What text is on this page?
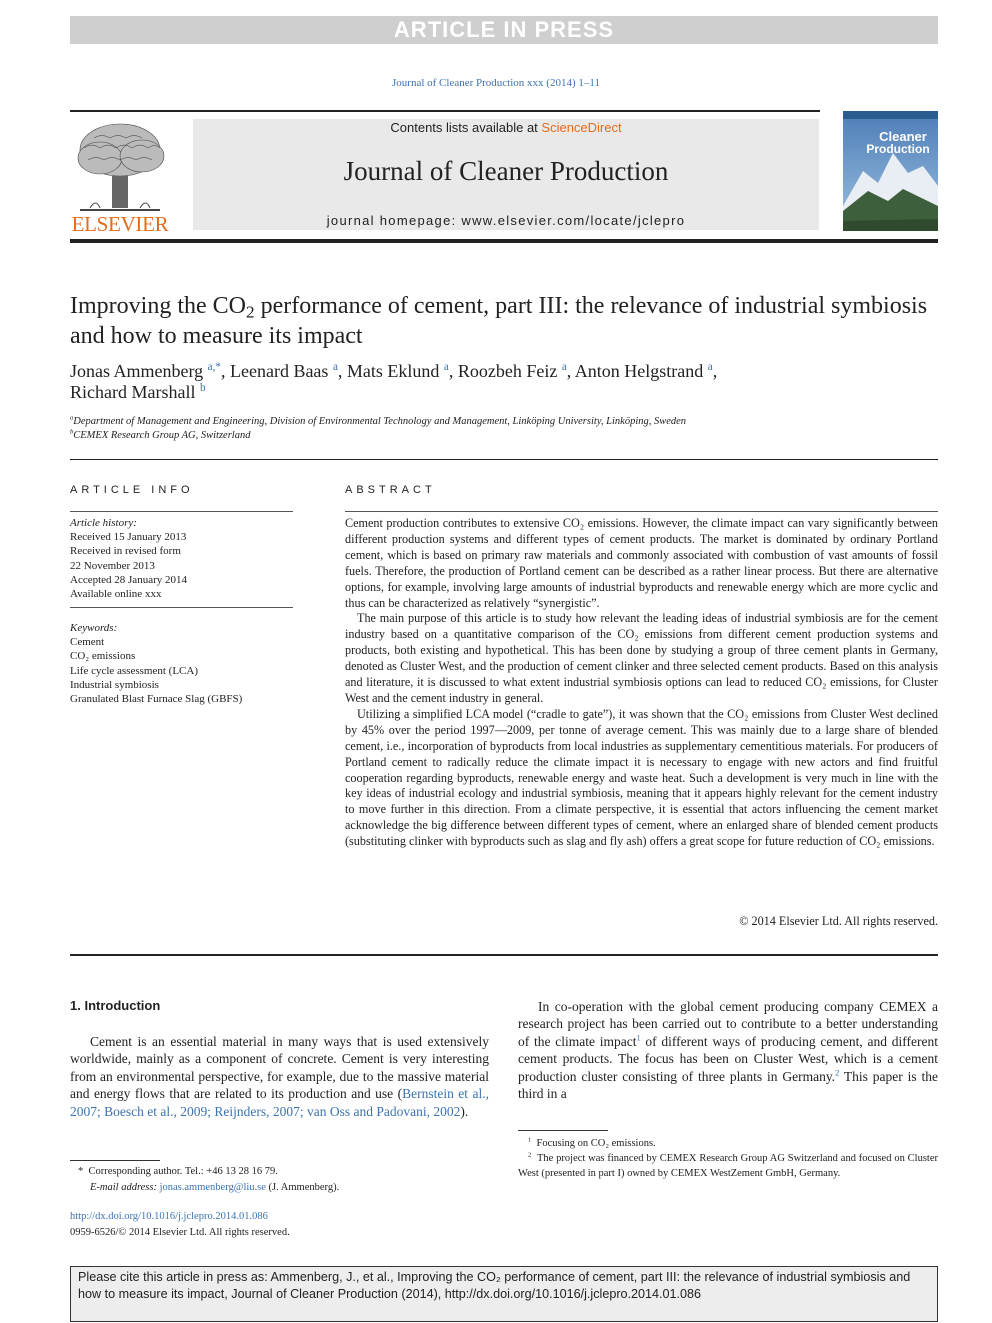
ARTICLE IN PRESS
Journal of Cleaner Production xxx (2014) 1–11
ELSEVIER
Contents lists available at ScienceDirect
Journal of Cleaner Production
journal homepage: www.elsevier.com/locate/jclepro
Cleaner
Production
Improving the $CO_2$ performance of cement, part III: the relevance of industrial symbiosis and how to measure its impact
Jonas Ammenberg $^{a,*}$, Leenard Baas $^a$, Mats Eklund $^a$, Roozbeh Feiz $^a$, Anton Helgstrand $^a$,
Richard Marshall $^b$
$^a$Department of Management and Engineering, Division of Environmental Technology and Management, Linköping University, Linköping, Sweden
$^b$CEMEX Research Group AG, Switzerland
ARTICLE INFO
Article history:
Received 15 January 2013
Received in revised form
22 November 2013
Accepted 28 January 2014
Available online xxx
Keywords:
Cement
CO₂ emissions
Life cycle assessment (LCA)
Industrial symbiosis
Granulated Blast Furnace Slag (GBFS)
ABSTRACT

Cement production contributes to extensive CO₂ emissions. However, the climate impact can vary significantly between different production systems and different types of cement products. The market is dominated by ordinary Portland cement, which is based on primary raw materials and commonly associated with combustion of vast amounts of fossil fuels. Therefore, the production of Portland cement can be described as a rather linear process. But there are alternative options, for example, involving large amounts of industrial byproducts and renewable energy which are more cyclic and thus can be characterized as relatively “synergistic”.

The main purpose of this article is to study how relevant the leading ideas of industrial symbiosis are for the cement industry based on a quantitative comparison of the CO₂ emissions from different cement production systems and products, both existing and hypothetical. This has been done by studying a group of three cement plants in Germany, denoted as Cluster West, and the production of cement clinker and three selected cement products. Based on this analysis and literature, it is discussed to what extent industrial symbiosis options can lead to reduced CO₂ emissions, for Cluster West and the cement industry in general.

Utilizing a simplified LCA model (“cradle to gate”), it was shown that the CO₂ emissions from Cluster West declined by 45% over the period 1997—2009, per tonne of average cement. This was mainly due to a large share of blended cement, i.e., incorporation of byproducts from local industries as supplementary cementitious materials. For producers of Portland cement to radically reduce the climate impact it is necessary to engage with new actors and find fruitful cooperation regarding byproducts, renewable energy and waste heat. Such a development is very much in line with the key ideas of industrial ecology and industrial symbiosis, meaning that it appears highly relevant for the cement industry to move further in this direction. From a climate perspective, it is essential that actors influencing the cement market acknowledge the big difference between different types of cement, where an enlarged share of blended cement products (substituting clinker with byproducts such as slag and fly ash) offers a great scope for future reduction of CO₂ emissions.

© 2014 Elsevier Ltd. All rights reserved.
1. Introduction
Cement is an essential material in many ways that is used extensively worldwide, mainly as a component of concrete. Cement is very interesting from an environmental perspective, for example, due to the massive material and energy flows that are related to its production and use (Bernstein et al., 2007; Boesch et al., 2009; Reijnders, 2007; van Oss and Padovani, 2002).
In co-operation with the global cement producing company CEMEX a research project has been carried out to contribute to a better understanding of the climate impact$^1$ of different ways of producing cement, and different cement products. The focus has been on Cluster West, which is a cement production cluster consisting of three plants in Germany.$^2$ This paper is the third in a
* Corresponding author. Tel.: +46 13 28 16 79.
E-mail address: jonas.ammenberg@liu.se (J. Ammenberg).
http://dx.doi.org/10.1016/j.jclepro.2014.01.086
0959-6526/© 2014 Elsevier Ltd. All rights reserved.
$^1$ Focusing on CO₂ emissions.
$^2$ The project was financed by CEMEX Research Group AG Switzerland and focused on Cluster West (presented in part I) owned by CEMEX WestZement GmbH, Germany.
Please cite this article in press as: Ammenberg, J., et al., Improving the CO₂ performance of cement, part III: the relevance of industrial symbiosis and how to measure its impact, Journal of Cleaner Production (2014), http://dx.doi.org/10.1016/j.jclepro.2014.01.086
